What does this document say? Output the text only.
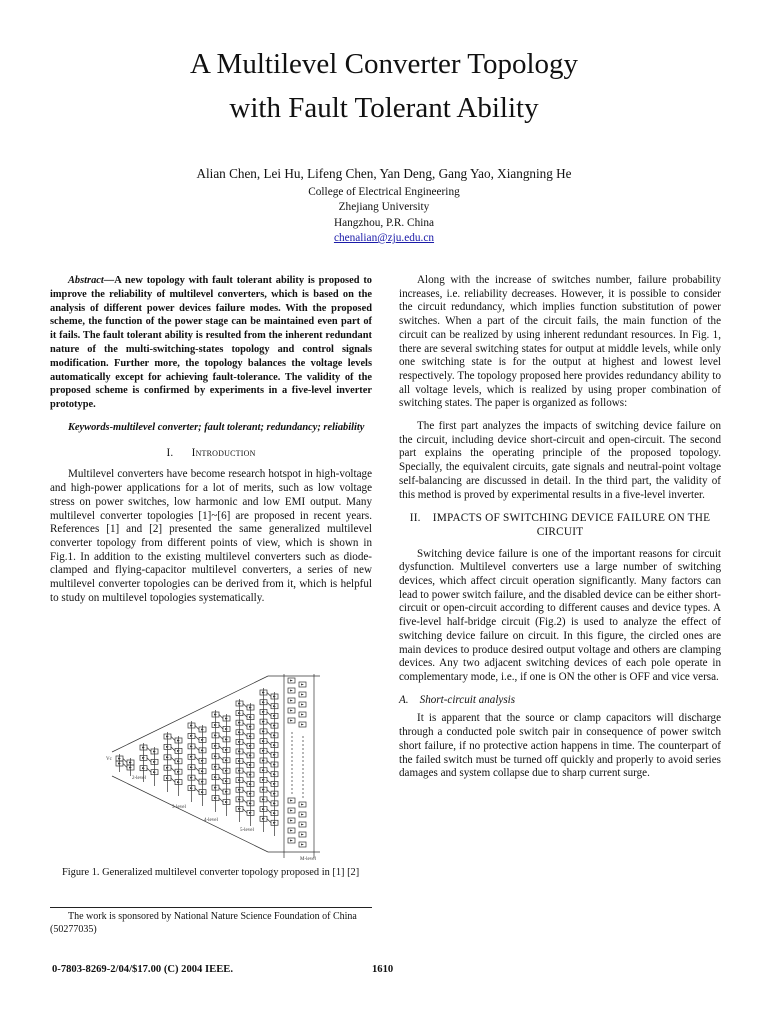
A Multilevel Converter Topology
with Fault Tolerant Ability
Alian Chen, Lei Hu, Lifeng Chen, Yan Deng, Gang Yao, Xiangning He
College of Electrical Engineering
Zhejiang University
Hangzhou, P.R. China
chenalian@zju.edu.cn

Abstract—A new topology with fault tolerant ability is proposed to improve the reliability of multilevel converters, which is based on the analysis of different power devices failure modes. With the proposed scheme, the function of the power stage can be maintained even part of it fails. The fault tolerant ability is resulted from the inherent redundant nature of the multi-switching-states topology and control signals modification. Further more, the topology balances the voltage levels automatically except for achieving fault-tolerance. The validity of the proposed scheme is confirmed by experiments in a five-level inverter prototype.

Keywords-multilevel converter; fault tolerant; redundancy; reliability

I. Introduction

Multilevel converters have become research hotspot in high-voltage and high-power applications for a lot of merits, such as low voltage stress on power switches, low harmonic and low EMI output. Many multilevel converter topologies [1]~[6] are proposed in recent years. References [1] and [2] presented the same generalized multilevel converter topology from different points of view, which is shown in Fig.1. In addition to the existing multilevel converters such as diode-clamped and flying-capacitor multilevel converters, a series of new multilevel converter topologies can be derived from it, which is helpful to study on multilevel topologies systematically.

Vc
2-level
3-level
4-level
5-level
M-level
Figure 1. Generalized multilevel converter topology proposed in [1] [2]

Along with the increase of switches number, failure probability increases, i.e. reliability decreases. However, it is possible to consider the circuit redundancy, which implies function substitution of power switches. When a part of the circuit fails, the main function of the circuit can be realized by using inherent redundant resources. In Fig. 1, there are several switching states for output at middle levels, while only one switching state is for the output at highest and lowest level respectively. The topology proposed here provides redundancy ability to all voltage levels, which is realized by using proper combination of switching states. The paper is organized as follows:

The first part analyzes the impacts of switching device failure on the circuit, including device short-circuit and open-circuit. The second part explains the operating principle of the proposed topology. Specially, the equivalent circuits, gate signals and neutral-point voltage self-balancing are discussed in detail. In the third part, the validity of this method is proved by experimental results in a five-level inverter.

II. IMPACTS OF SWITCHING DEVICE FAILURE ON THE CIRCUIT

Switching device failure is one of the important reasons for circuit dysfunction. Multilevel converters use a large number of switching devices, which affect circuit operation significantly. Many factors can lead to power switch failure, and the disabled device can be either short-circuit or open-circuit according to different causes and device types. A five-level half-bridge circuit (Fig.2) is used to analyze the effect of switching device failure on circuit. In this figure, the circled ones are main devices to produce desired output voltage and others are clamping devices. Any two adjacent switching devices of each pole operate in complementary mode, i.e., if one is ON the other is OFF and vice versa.

A. Short-circuit analysis

It is apparent that the source or clamp capacitors will discharge through a conducted pole switch pair in consequence of power switch short failure, if no protective action happens in time. The counterpart of the failed switch must be turned off quickly and properly to avoid series damages and system collapse due to sharp current surge.

The work is sponsored by National Nature Science Foundation of China (50277035)
0-7803-8269-2/04/$17.00 (C) 2004 IEEE.	1610
